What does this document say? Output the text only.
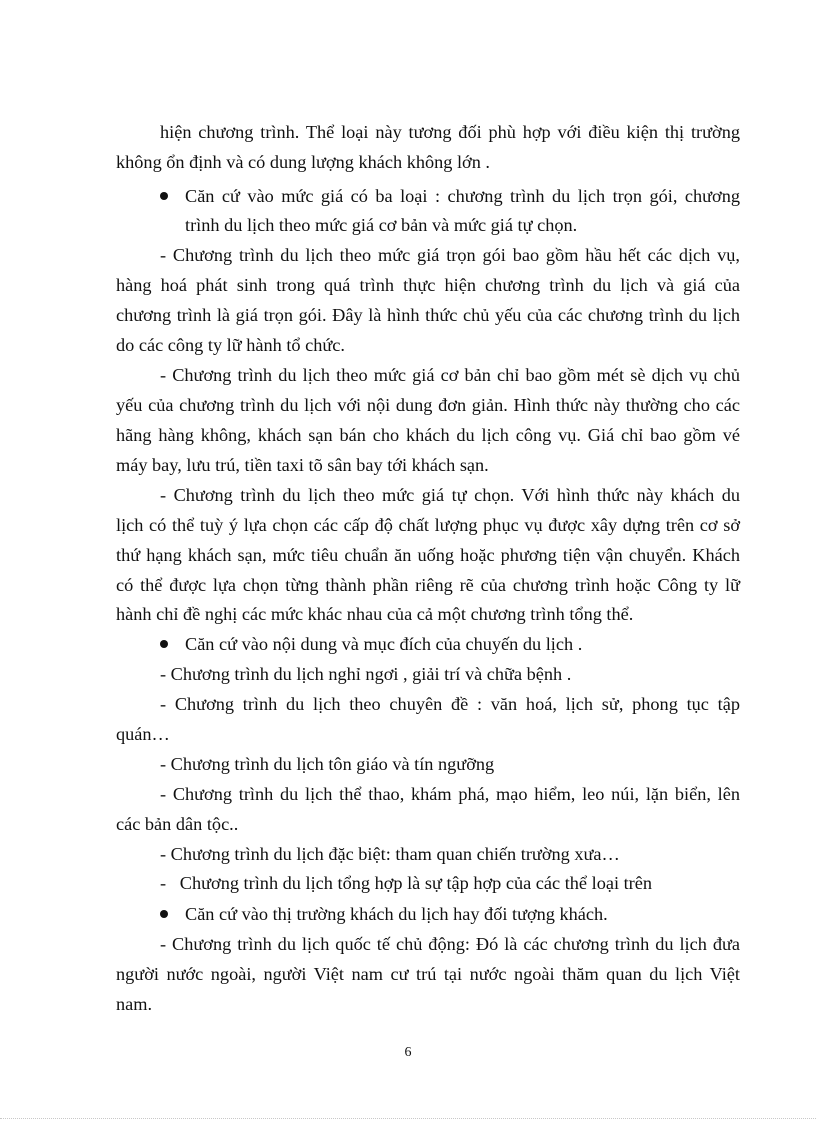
hiện chương trình. Thể loại này tương đối phù hợp với điều kiện thị trường
không ổn định và có dung lượng khách không lớn .
Căn cứ vào mức giá có ba loại : chương trình du lịch trọn gói, chương
trình du lịch theo mức giá cơ bản và mức giá tự chọn.
- Chương trình du lịch theo mức giá trọn gói bao gồm hầu hết các dịch vụ,
hàng hoá phát sinh trong quá trình thực hiện chương trình du lịch và giá của
chương trình là giá trọn gói. Đây là hình thức chủ yếu của các chương trình du lịch
do các công ty lữ hành tổ chức.
- Chương trình du lịch theo mức giá cơ bản chỉ bao gồm mét sè dịch vụ chủ
yếu của chương trình du lịch với nội dung đơn giản. Hình thức này thường cho các
hãng hàng không, khách sạn bán cho khách du lịch công vụ. Giá chỉ bao gồm vé
máy bay, lưu trú, tiền taxi tõ sân bay tới khách sạn.
- Chương trình du lịch theo mức giá tự chọn. Với hình thức này khách du
lịch có thể tuỳ ý lựa chọn các cấp độ chất lượng phục vụ được xây dựng trên cơ sở
thứ hạng khách sạn, mức tiêu chuẩn ăn uống hoặc phương tiện vận chuyển. Khách
có thể được lựa chọn từng thành phần riêng rẽ của chương trình hoặc Công ty lữ
hành chỉ đề nghị các mức khác nhau của cả một chương trình tổng thể.
Căn cứ vào nội dung và mục đích của chuyến du lịch .
- Chương trình du lịch nghỉ ngơi , giải trí và chữa bệnh .
- Chương trình du lịch theo chuyên đề : văn hoá, lịch sử, phong tục tập
quán…
- Chương trình du lịch tôn giáo và tín ngưỡng
- Chương trình du lịch thể thao, khám phá, mạo hiểm, leo núi, lặn biển, lên
các bản dân tộc..
- Chương trình du lịch đặc biệt: tham quan chiến trường xưa…
-   Chương trình du lịch tổng hợp là sự tập hợp của các thể loại trên
Căn cứ vào thị trường khách du lịch hay đối tượng khách.
- Chương trình du lịch quốc tế chủ động: Đó là các chương trình du lịch đưa
người nước ngoài, người Việt nam cư trú tại nước ngoài thăm quan du lịch Việt
nam.
6
